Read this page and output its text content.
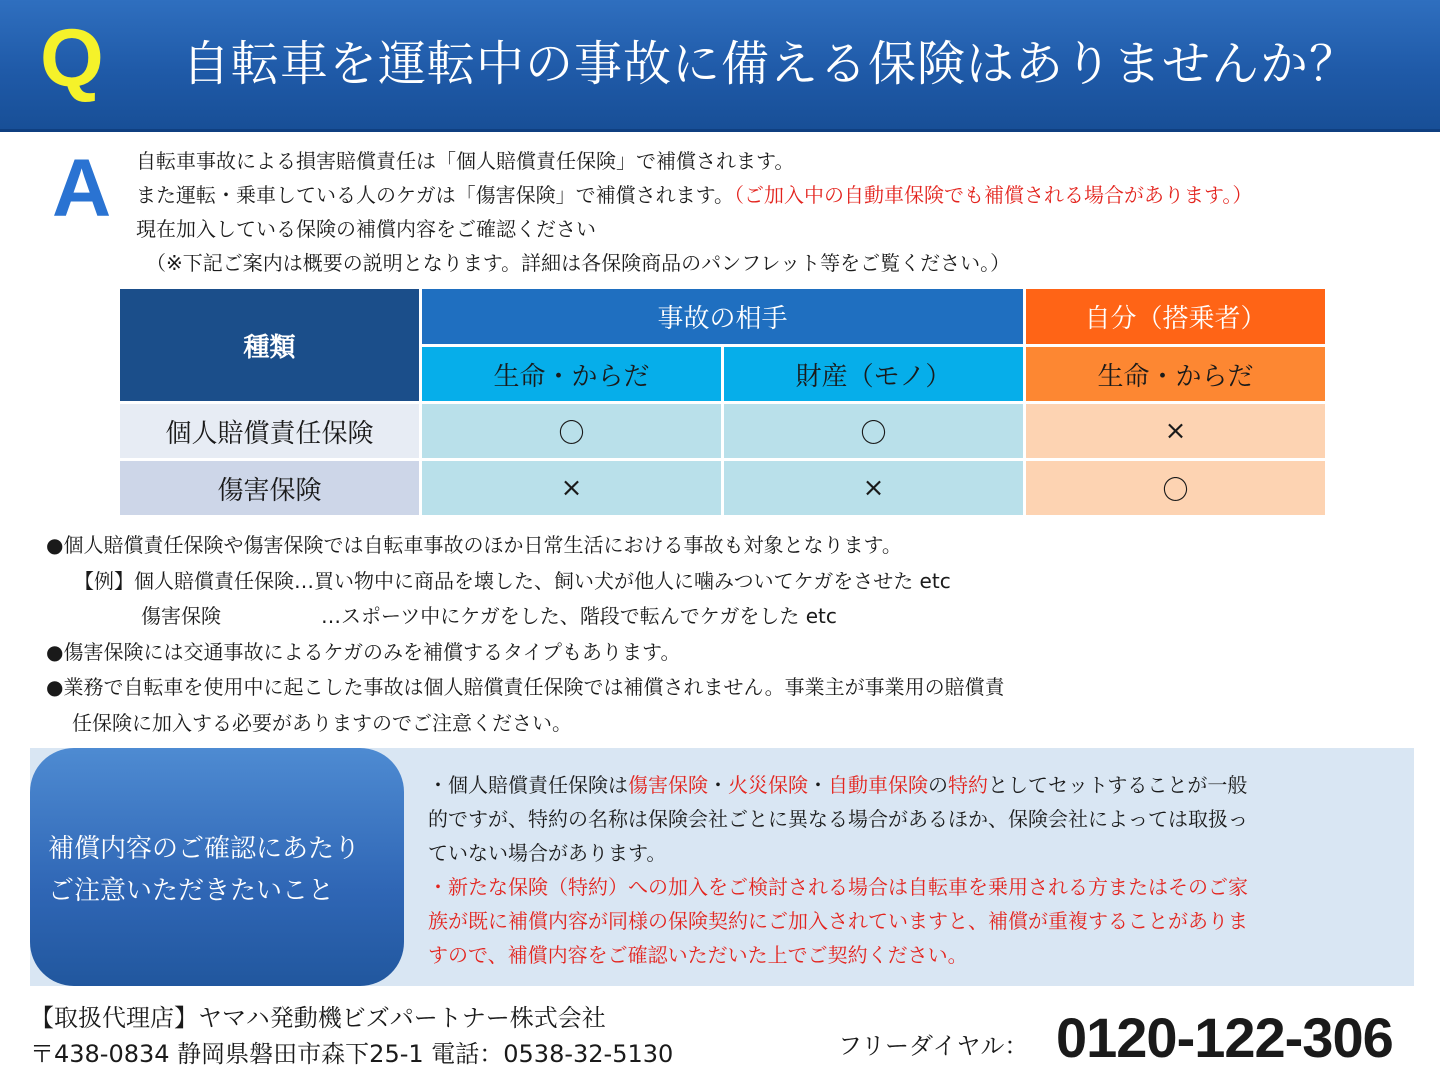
Q 自転車を運転中の事故に備える保険はありませんか？
A 自転車事故による損害賠償責任は「個人賠償責任保険」で補償されます。
また運転・乗車している人のケガは「傷害保険」で補償されます。（ご加入中の自動車保険でも補償される場合があります。）
現在加入している保険の補償内容をご確認ください
（※下記ご案内は概要の説明となります。詳細は各保険商品のパンフレット等をご覧ください。）
種類	事故の相手		自分（搭乗者）
	生命・からだ	財産（モノ）	生命・からだ
個人賠償責任保険	〇	〇	×
傷害保険	×	×	〇
●個人賠償責任保険や傷害保険では自転車事故のほか日常生活における事故も対象となります。
【例】個人賠償責任保険…買い物中に商品を壊した、飼い犬が他人に噛みついてケガをさせた etc
傷害保険	…スポーツ中にケガをした、階段で転んでケガをした etc
●傷害保険には交通事故によるケガのみを補償するタイプもあります。
●業務で自転車を使用中に起こした事故は個人賠償責任保険では補償されません。事業主が事業用の賠償責
任保険に加入する必要がありますのでご注意ください。
補償内容のご確認にあたり
ご注意いただきたいこと
・個人賠償責任保険は傷害保険・火災保険・自動車保険の特約としてセットすることが一般
的ですが、特約の名称は保険会社ごとに異なる場合があるほか、保険会社によっては取扱っ
ていない場合があります。
・新たな保険（特約）への加入をご検討される場合は自転車を乗用される方またはそのご家
族が既に補償内容が同様の保険契約にご加入されていますと、補償が重複することがありま
すので、補償内容をご確認いただいた上でご契約ください。
【取扱代理店】ヤマハ発動機ビズパートナー株式会社
〒438-0834 静岡県磐田市森下25-1 電話：0538-32-5130	フリーダイヤル： 0120-122-306
